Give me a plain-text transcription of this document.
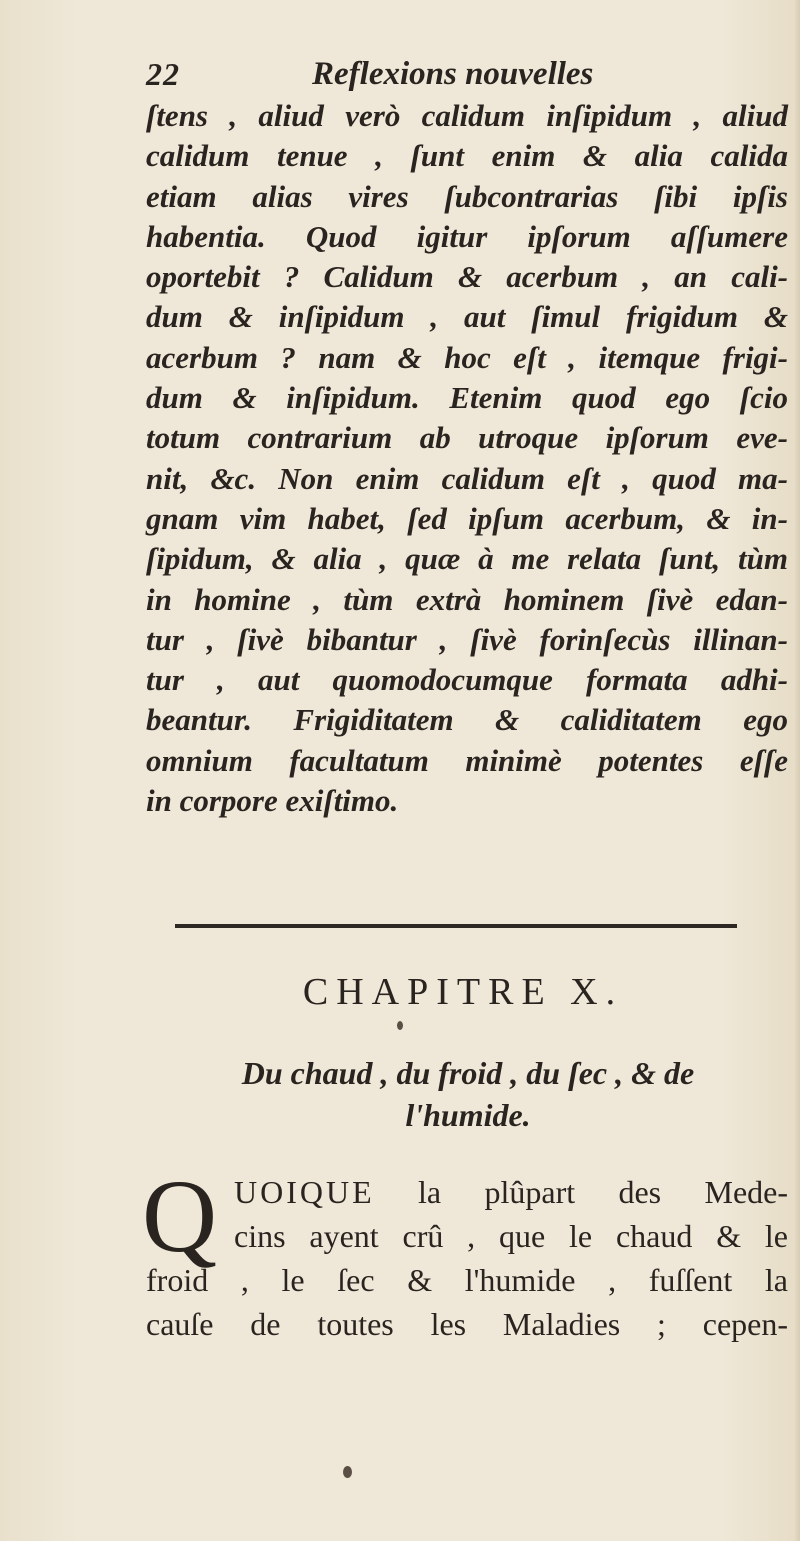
22	Reflexions nouvelles
ſtens , aliud verò calidum inſipidum , aliud
calidum tenue , ſunt enim & alia calida
etiam alias vires ſubcontrarias ſibi ipſis
habentia. Quod igitur ipſorum aſſumere
oportebit ? Calidum & acerbum , an cali-
dum & inſipidum , aut ſimul frigidum &
acerbum ? nam & hoc eſt , itemque frigi-
dum & inſipidum. Etenim quod ego ſcio
totum contrarium ab utroque ipſorum eve-
nit, &c. Non enim calidum eſt , quod ma-
gnam vim habet, ſed ipſum acerbum, & in-
ſipidum, & alia , quæ à me relata ſunt, tùm
in homine , tùm extrà hominem ſivè edan-
tur , ſivè bibantur , ſivè forinſecùs illinan-
tur , aut quomodocumque formata adhi-
beantur. Frigiditatem & caliditatem ego
omnium facultatum minimè potentes eſſe
in corpore exiſtimo.
CHAPITRE X.
Du chaud , du froid , du ſec , & de
l'humide.
Q UOIQUE la plûpart des Mede-
cins ayent crû , que le chaud & le
froid , le ſec & l'humide , fuſſent la
cauſe de toutes les Maladies ; cepen-
